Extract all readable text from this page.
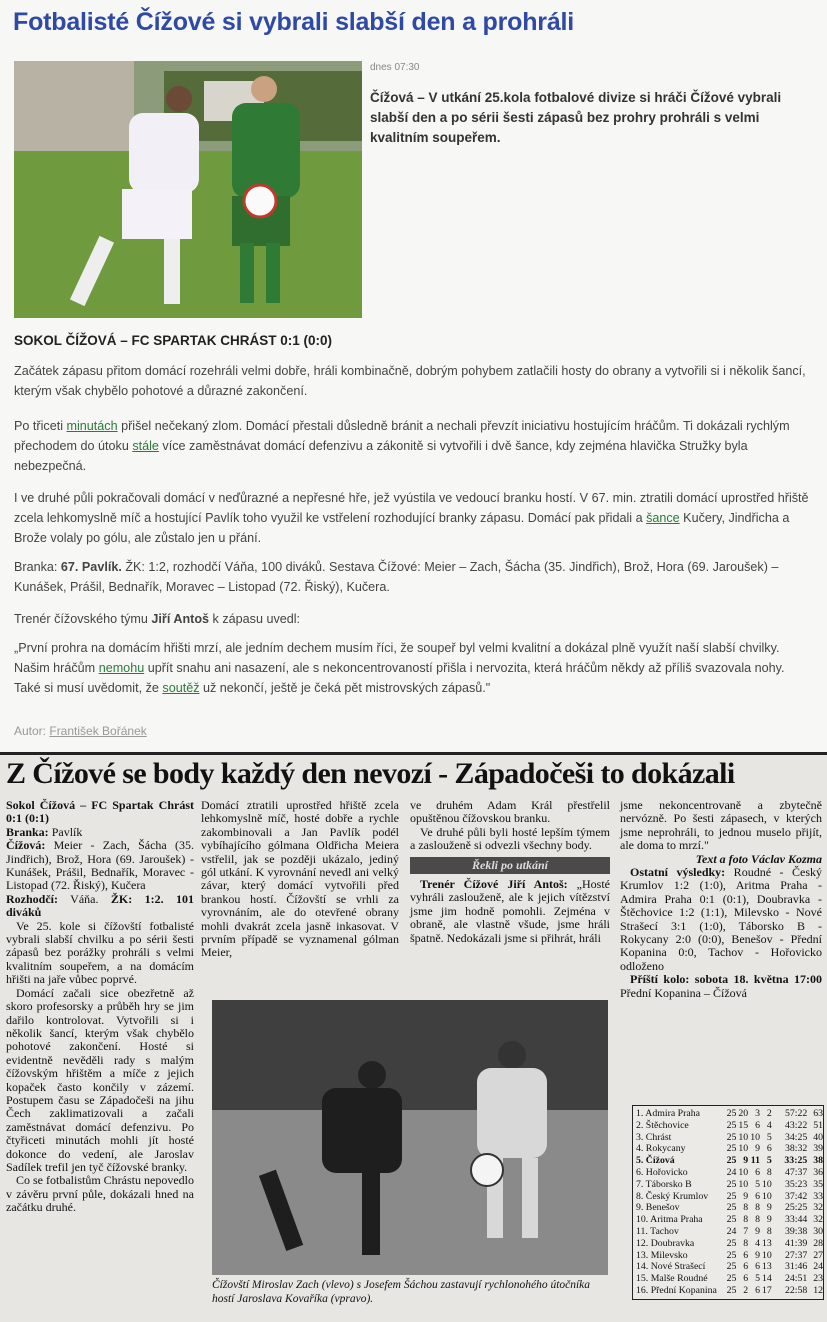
Fotbalisté Čížové si vybrali slabší den a prohráli
dnes 07:30
Čížová – V utkání 25.kola fotbalové divize si hráči Čížové vybrali slabší den a po sérii šesti zápasů bez prohry prohráli s velmi kvalitním soupeřem.
SOKOL ČÍŽOVÁ – FC SPARTAK CHRÁST 0:1 (0:0)
Začátek zápasu přitom domácí rozehráli velmi dobře, hráli kombinačně, dobrým pohybem zatlačili hosty do obrany a vytvořili si i několik šancí, kterým však chybělo pohotové a důrazné zakončení.
Po třiceti minutách přišel nečekaný zlom. Domácí přestali důsledně bránit a nechali převzít iniciativu hostujícím hráčům. Ti dokázali rychlým přechodem do útoku stále více zaměstnávat domácí defenzivu a zákonitě si vytvořili i dvě šance, kdy zejména hlavička Stružky byla nebezpečná.
I ve druhé půli pokračovali domácí v neďůrazné a nepřesné hře, jež vyústila ve vedoucí branku hostí. V 67. min. ztratili domácí uprostřed hřiště zcela lehkomyslně míč a hostující Pavlík toho využil ke vstřelení rozhodující branky zápasu. Domácí pak přidali a šance Kučery, Jindřicha a Brože volaly po gólu, ale zůstalo jen u přání.
Branka: 67. Pavlík. ŽK: 1:2, rozhodčí Váňa, 100 diváků. Sestava Čížové: Meier – Zach, Šácha (35. Jindřich), Brož, Hora (69. Jaroušek) – Kunášek, Prášil, Bednařík, Moravec – Listopad (72. Řiský), Kučera.
Trenér čížovského týmu Jiří Antoš k zápasu uvedl:
„První prohra na domácím hřišti mrzí, ale jedním dechem musím říci, že soupeř byl velmi kvalitní a dokázal plně využít naší slabší chvilky. Našim hráčům nemohu upřít snahu ani nasazení, ale s nekoncentrovaností přišla i nervozita, která hráčům někdy až příliš svazovala nohy. Také si musí uvědomit, že soutěž už nekončí, ještě je čeká pět mistrovských zápasů."
Autor: František Bořánek
Z Čížové se body každý den nevozí - Západočeši to dokázali

Sokol Čížová – FC Spartak Chrást 0:1 (0:1)

Branka: Pavlík

Čížová: Meier - Zach, Šácha (35. Jindřich), Brož, Hora (69. Jaroušek) - Kunášek, Prášil, Bednařík, Moravec - Listopad (72. Řiský), Kučera

Rozhodčí: Váňa. ŽK: 1:2. 101 diváků

Ve 25. kole si čížovští fotbalisté vybrali slabší chvilku a po sérii šesti zápasů bez porážky prohráli s velmi kvalitním soupeřem, a na domácím hřišti na jaře vůbec poprvé.

Domácí začali sice obezřetně až skoro profesorsky a průběh hry se jim dařilo kontrolovat. Vytvořili si i několik šancí, kterým však chybělo pohotové zakončení. Hosté si evidentně nevěděli rady s malým čížovským hřištěm a míče z jejich kopaček často končily v zázemí. Postupem času se Západočeši na jihu Čech zaklimatizovali a začali zaměstnávat domácí defenzivu. Po čtyřiceti minutách mohli jít hosté dokonce do vedení, ale Jaroslav Sadílek trefil jen tyč čížovské branky.

Co se fotbalistům Chrástu nepovedlo v závěru první půle, dokázali hned na začátku druhé.

Domácí ztratili uprostřed hřiště zcela lehkomyslně míč, hosté dobře a rychle zakombinovali a Jan Pavlík podél vybíhajícího gólmana Oldřicha Meiera vstřelil, jak se později ukázalo, jediný gól utkání. K vyrovnání nevedl ani velký závar, který domácí vytvořili před brankou hostí. Čížovští se vrhli za vyrovnáním, ale do otevřené obrany mohli dvakrát zcela jasně inkasovat. V prvním případě se vyznamenal gólman Meier,

ve druhém Adam Král přestřelil opuštěnou čížovskou branku.

Ve druhé půli byli hosté lepším týmem a zaslouženě si odvezli všechny body.

Řekli po utkání

Trenér Čížové Jiří Antoš: „Hosté vyhráli zaslouženě, ale k jejich vítězství jsme jim hodně pomohli. Zejména v obraně, ale vlastně všude, jsme hráli špatně. Nedokázali jsme si přihrát, hráli

jsme nekoncentrovaně a zbytečně nervózně. Po šesti zápasech, v kterých jsme neprohráli, to jednou muselo přijít, ale doma to mrzí."

Text a foto Václav Kozma

Ostatní výsledky: Roudné - Český Krumlov 1:2 (1:0), Aritma Praha - Admira Praha 0:1 (0:1), Doubravka - Štěchovice 1:2 (1:1), Milevsko - Nové Strašecí 3:1 (1:0), Táborsko B - Rokycany 2:0 (0:0), Benešov - Přední Kopanina 0:0, Tachov - Hořovicko odloženo

Příští kolo: sobota 18. května 17:00 Přední Kopanina – Čížová

Čížovští Miroslav Zach (vlevo) s Josefem Šáchou zastavují rychlonohého útočníka hostí Jaroslava Kovaříka (vpravo).
1. Admira Praha	25 20 3 2	57:22 63
2. Štěchovice	25 15 6 4	43:22 51
3. Chrást	25 10 10 5	34:25 40
4. Rokycany	25 10 9 6	38:32 39
5. Čížová	25 9 11 5	33:25 38
6. Hořovicko	24 10 6 8	47:37 36
7. Táborsko B	25 10 5 10	35:23 35
8. Český Krumlov	25 9 6 10	37:42 33
9. Benešov	25 8 8 9	25:25 32
10. Aritma Praha	25 8 8 9	33:44 32
11. Tachov	24 7 9 8	39:38 30
12. Doubravka	25 8 4 13	41:39 28
13. Milevsko	25 6 9 10	27:37 27
14. Nové Strašecí	25 6 6 13	31:46 24
15. Malše Roudné	25 6 5 14	24:51 23
16. Přední Kopanina 25 2 6 17	22:58 12
